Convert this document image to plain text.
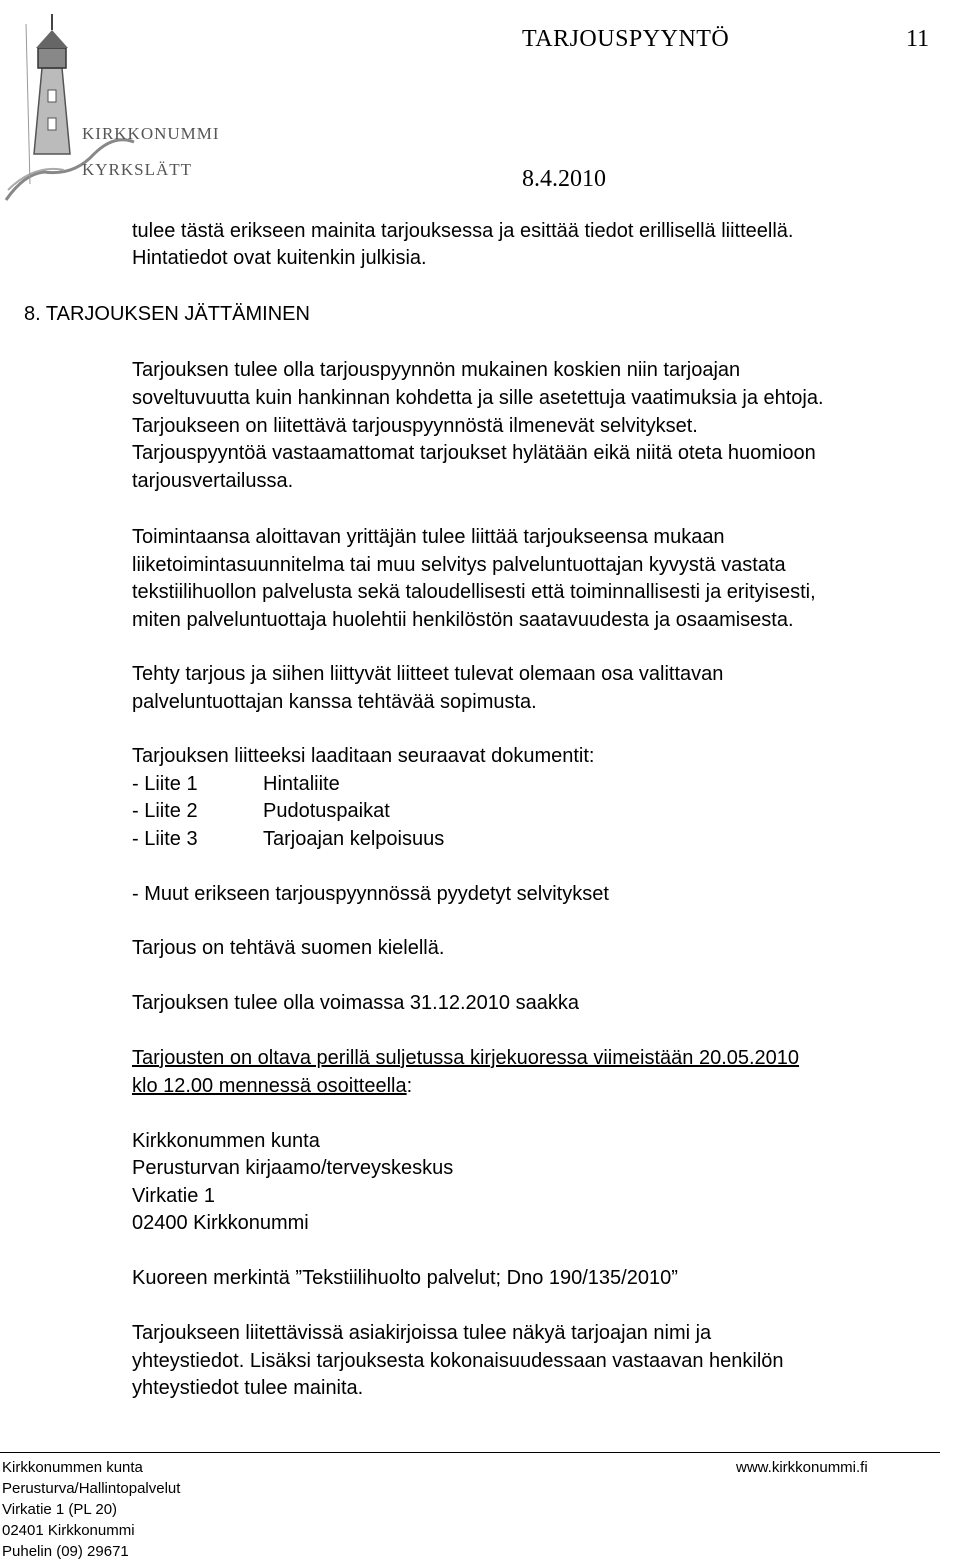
KIRKKONUMMI
KYRKSLÄTT
TARJOUSPYYNTÖ	11
8.4.2010
tulee tästä erikseen mainita tarjouksessa ja esittää tiedot erillisellä liitteellä.
Hintatiedot ovat kuitenkin julkisia.
8. TARJOUKSEN JÄTTÄMINEN
Tarjouksen tulee olla tarjouspyynnön mukainen koskien niin tarjoajan
soveltuvuutta kuin hankinnan kohdetta ja sille asetettuja vaatimuksia ja ehtoja.
Tarjoukseen on liitettävä tarjouspyynnöstä ilmenevät selvitykset.
Tarjouspyyntöä vastaamattomat tarjoukset hylätään eikä niitä oteta huomioon
tarjousvertailussa.
Toimintaansa aloittavan yrittäjän tulee liittää tarjoukseensa mukaan
liiketoimintasuunnitelma tai muu selvitys palveluntuottajan kyvystä vastata
tekstiilihuollon palvelusta sekä taloudellisesti että toiminnallisesti ja erityisesti,
miten palveluntuottaja huolehtii henkilöstön saatavuudesta ja osaamisesta.
Tehty tarjous ja siihen liittyvät liitteet tulevat olemaan osa valittavan
palveluntuottajan kanssa tehtävää sopimusta.
Tarjouksen liitteeksi laaditaan seuraavat dokumentit:
- Liite 1	Hintaliite
- Liite 2	Pudotuspaikat
- Liite 3	Tarjoajan kelpoisuus
- Muut erikseen tarjouspyynnössä pyydetyt selvitykset
Tarjous on tehtävä suomen kielellä.
Tarjouksen tulee olla voimassa 31.12.2010 saakka
Tarjousten on oltava perillä suljetussa kirjekuoressa viimeistään 20.05.2010
klo 12.00 mennessä osoitteella:
Kirkkonummen kunta
Perusturvan kirjaamo/terveyskeskus
Virkatie 1
02400 Kirkkonummi
Kuoreen merkintä ”Tekstiilihuolto palvelut; Dno 190/135/2010”
Tarjoukseen liitettävissä asiakirjoissa tulee näkyä tarjoajan nimi ja
yhteystiedot. Lisäksi tarjouksesta kokonaisuudessaan vastaavan henkilön
yhteystiedot tulee mainita.
Kirkkonummen kunta
Perusturva/Hallintopalvelut
Virkatie 1 (PL 20)
02401 Kirkkonummi
Puhelin (09) 29671
www.kirkkonummi.fi
